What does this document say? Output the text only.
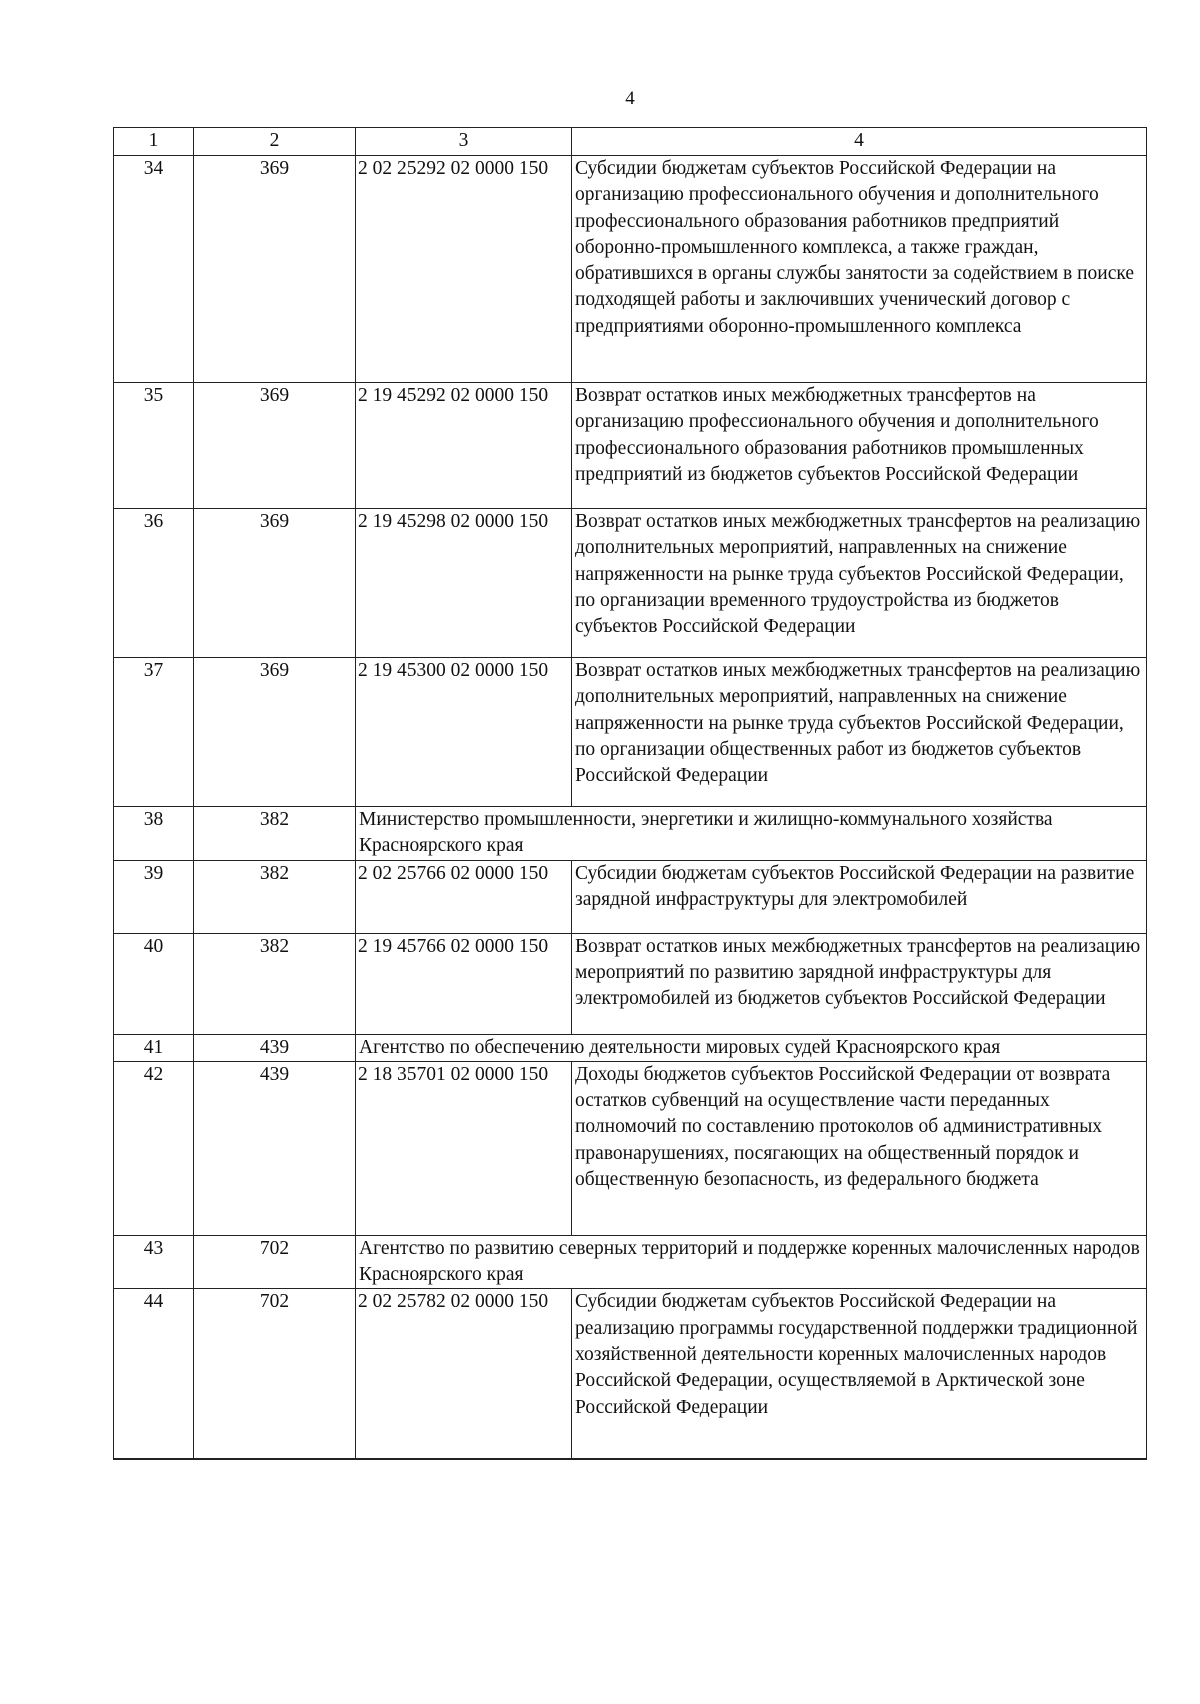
4
1	2	3	4
34	369	2 02 25292 02 0000 150	Субсидии бюджетам субъектов Российской Федерации на организацию профессионального обучения и дополнительного профессионального образования работников предприятий оборонно-промышленного комплекса, а также граждан, обратившихся в органы службы занятости за содействием в поиске подходящей работы и заключивших ученический договор с предприятиями оборонно-промышленного комплекса
35	369	2 19 45292 02 0000 150	Возврат остатков иных межбюджетных трансфертов на организацию профессионального обучения и дополнительного профессионального образования работников промышленных предприятий из бюджетов субъектов Российской Федерации
36	369	2 19 45298 02 0000 150	Возврат остатков иных межбюджетных трансфертов на реализацию дополнительных мероприятий, направленных на снижение напряженности на рынке труда субъектов Российской Федерации, по организации временного трудоустройства из бюджетов субъектов Российской Федерации
37	369	2 19 45300 02 0000 150	Возврат остатков иных межбюджетных трансфертов на реализацию дополнительных мероприятий, направленных на снижение напряженности на рынке труда субъектов Российской Федерации, по организации общественных работ из бюджетов субъектов Российской Федерации
38	382	Министерство промышленности, энергетики и жилищно-коммунального хозяйства Красноярского края	
39	382	2 02 25766 02 0000 150	Субсидии бюджетам субъектов Российской Федерации на развитие зарядной инфраструктуры для электромобилей
40	382	2 19 45766 02 0000 150	Возврат остатков иных межбюджетных трансфертов на реализацию мероприятий по развитию зарядной инфраструктуры для электромобилей из бюджетов субъектов Российской Федерации
41	439	Агентство по обеспечению деятельности мировых судей Красноярского края	
42	439	2 18 35701 02 0000 150	Доходы бюджетов субъектов Российской Федерации от возврата остатков субвенций на осуществление части переданных полномочий по составлению протоколов об административных правонарушениях, посягающих на общественный порядок и общественную безопасность, из федерального бюджета
43	702	Агентство по развитию северных территорий и поддержке коренных малочисленных народов Красноярского края	
44	702	2 02 25782 02 0000 150	Субсидии бюджетам субъектов Российской Федерации на реализацию программы государственной поддержки традиционной хозяйственной деятельности коренных малочисленных народов Российской Федерации, осуществляемой в Арктической зоне Российской Федерации
